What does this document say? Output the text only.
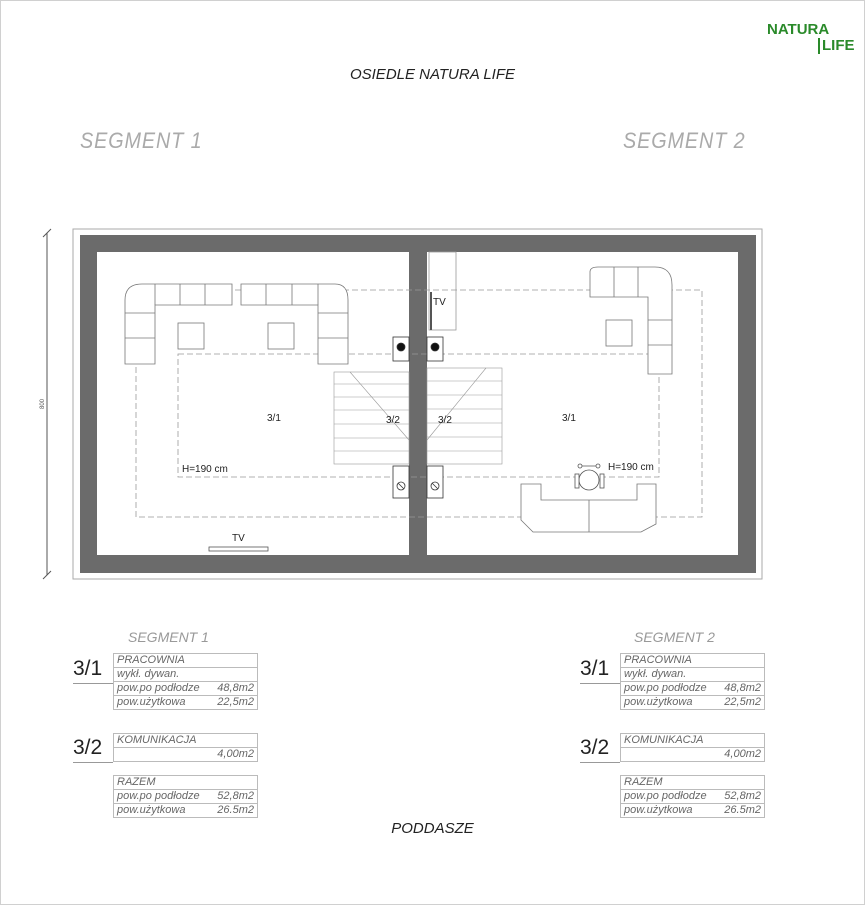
NATURA
LIFE
OSIEDLE NATURA LIFE
SEGMENT 1	SEGMENT 2
800
TV
TV
3/1	3/2	3/2	3/1
H=190 cm	H=190 cm
SEGMENT 1
3/1 PRACOWNIA	
wykł. dywan.	
pow.po podłodze	48,8m2
pow.użytkowa	22,5m2
3/2 KOMUNIKACJA
4,00m2
RAZEM	
pow.po podłodze	52,8m2
pow.użytkowa	26.5m2
SEGMENT 2
3/1 PRACOWNIA	
wykł. dywan.	
pow.po podłodze	48,8m2
pow.użytkowa	22,5m2
3/2 KOMUNIKACJA
4,00m2
RAZEM	
pow.po podłodze	52,8m2
pow.użytkowa	26.5m2
PODDASZE
